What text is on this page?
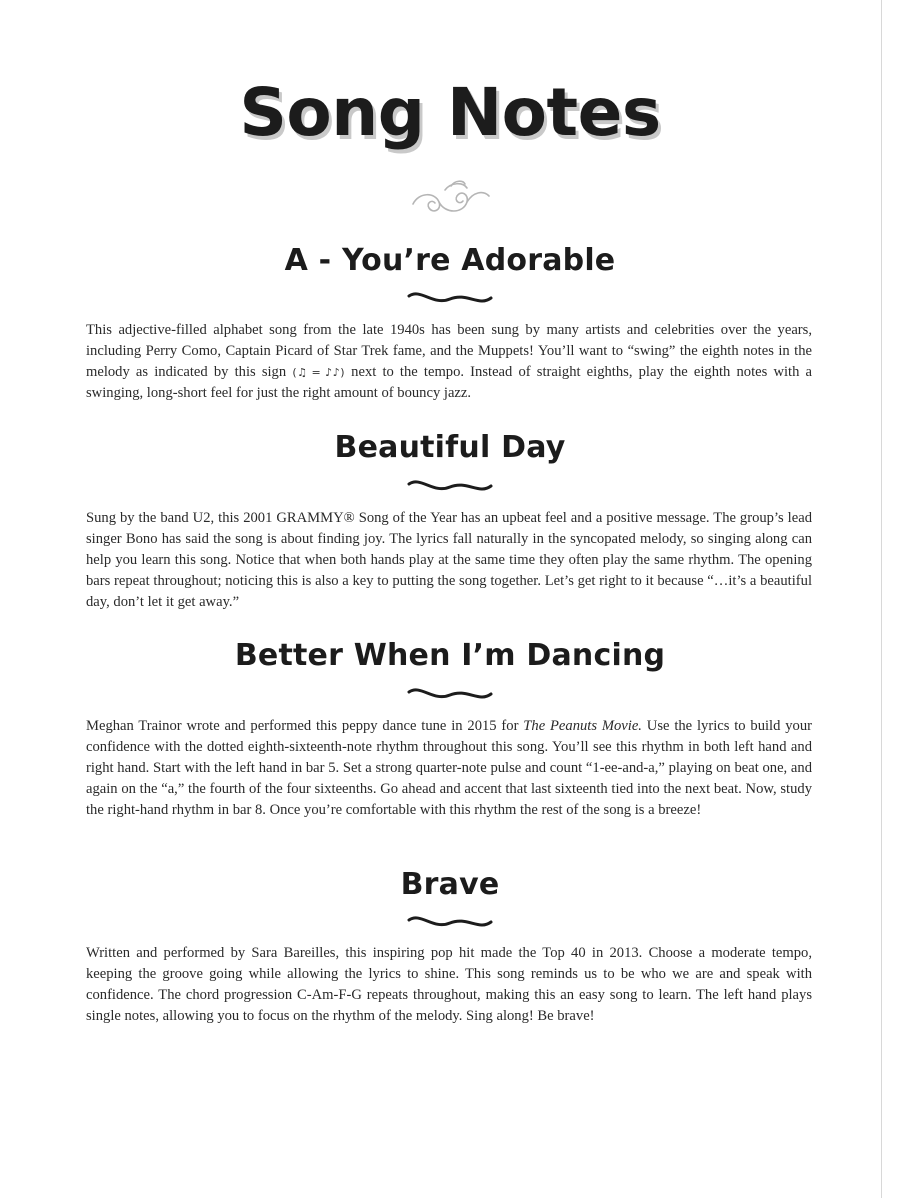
Song Notes
A - You’re Adorable

This adjective-filled alphabet song from the late 1940s has been sung by many artists and celebrities over the years, including Perry Como, Captain Picard of Star Trek fame, and the Muppets! You’ll want to “swing” the eighth notes in the melody as indicated by this sign (♫ = ♪♪) next to the tempo. Instead of straight eighths, play the eighth notes with a swinging, long-short feel for just the right amount of bouncy jazz.

Beautiful Day

Sung by the band U2, this 2001 GRAMMY® Song of the Year has an upbeat feel and a positive message. The group’s lead singer Bono has said the song is about finding joy. The lyrics fall naturally in the syncopated melody, so singing along can help you learn this song. Notice that when both hands play at the same time they often play the same rhythm. The opening bars repeat throughout; noticing this is also a key to putting the song together. Let’s get right to it because “…it’s a beautiful day, don’t let it get away.”

Better When I’m Dancing

Meghan Trainor wrote and performed this peppy dance tune in 2015 for The Peanuts Movie. Use the lyrics to build your confidence with the dotted eighth-sixteenth-note rhythm throughout this song. You’ll see this rhythm in both left hand and right hand. Start with the left hand in bar 5. Set a strong quarter-note pulse and count “1-ee-and-a,” playing on beat one, and again on the “a,” the fourth of the four sixteenths. Go ahead and accent that last sixteenth tied into the next beat. Now, study the right-hand rhythm in bar 8. Once you’re comfortable with this rhythm the rest of the song is a breeze!

Brave

Written and performed by Sara Bareilles, this inspiring pop hit made the Top 40 in 2013. Choose a moderate tempo, keeping the groove going while allowing the lyrics to shine. This song reminds us to be who we are and speak with confidence. The chord progression C-Am-F-G repeats throughout, making this an easy song to learn. The left hand plays single notes, allowing you to focus on the rhythm of the melody. Sing along! Be brave!
